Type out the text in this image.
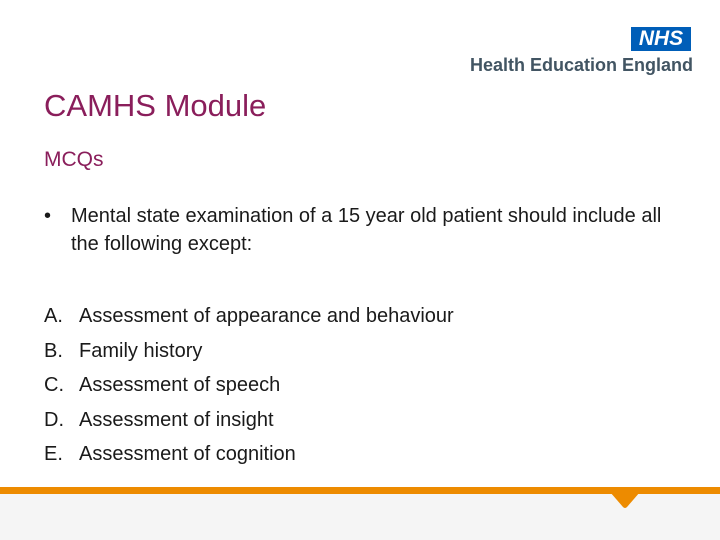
NHS
Health Education England
CAMHS Module
MCQs
• Mental state examination of a 15 year old patient should include all the following except:
A. Assessment of appearance and behaviour
B. Family history
C. Assessment of speech
D. Assessment of insight
E. Assessment of cognition
